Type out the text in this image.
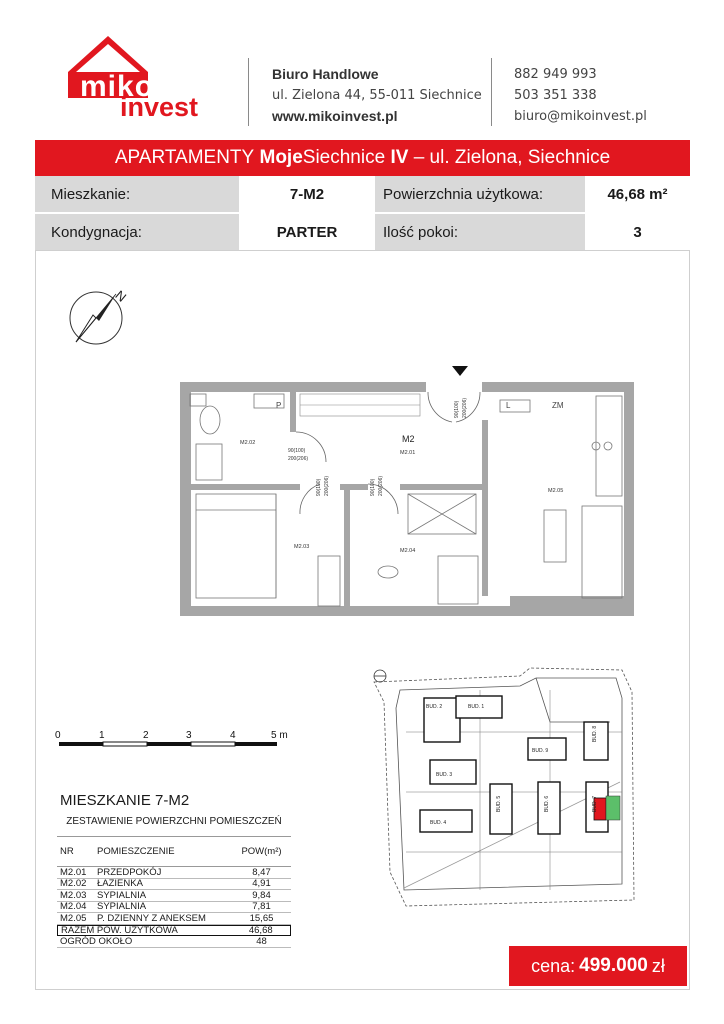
miko
invest
Biuro Handlowe
ul. Zielona 44, 55-011 Siechnice
www.mikoinvest.pl
882 949 993
503 351 338
biuro@mikoinvest.pl
APARTAMENTY
Moje Siechnice
IV
– ul. Zielona, Siechnice
Mieszkanie:	7-M2	Powierzchnia użytkowa:	46,68 m²
Kondygnacja:	PARTER	Ilość pokoi:	3
N
P	L	ZM
M2
M2.01
M2.02
M2.03
M2.04
M2.05
90(100)
200(206)
90(100) 200(206)	90(100) 200(206)
90(100) 200(206)
0	1	2	3	4	5 m
BUD. 1
BUD. 2
BUD. 3
BUD. 4
BUD. 5	BUD. 6	BUD. 7
BUD. 8
BUD. 9
MIESZKANIE 7-M2
ZESTAWIENIE POWIERZCHNI POMIESZCZEŃ
NR	POMIESZCZENIE	POW(m²)
M2.01	PRZEDPOKÓJ	8,47
M2.02	ŁAZIENKA	4,91
M2.03	SYPIALNIA	9,84
M2.04	SYPIALNIA	7,81
M2.05	P. DZIENNY Z ANEKSEM	15,65
RAZEM POW. UŻYTKOWA	46,68
OGRÓD OKOŁO	48
cena: 499.000 zł
